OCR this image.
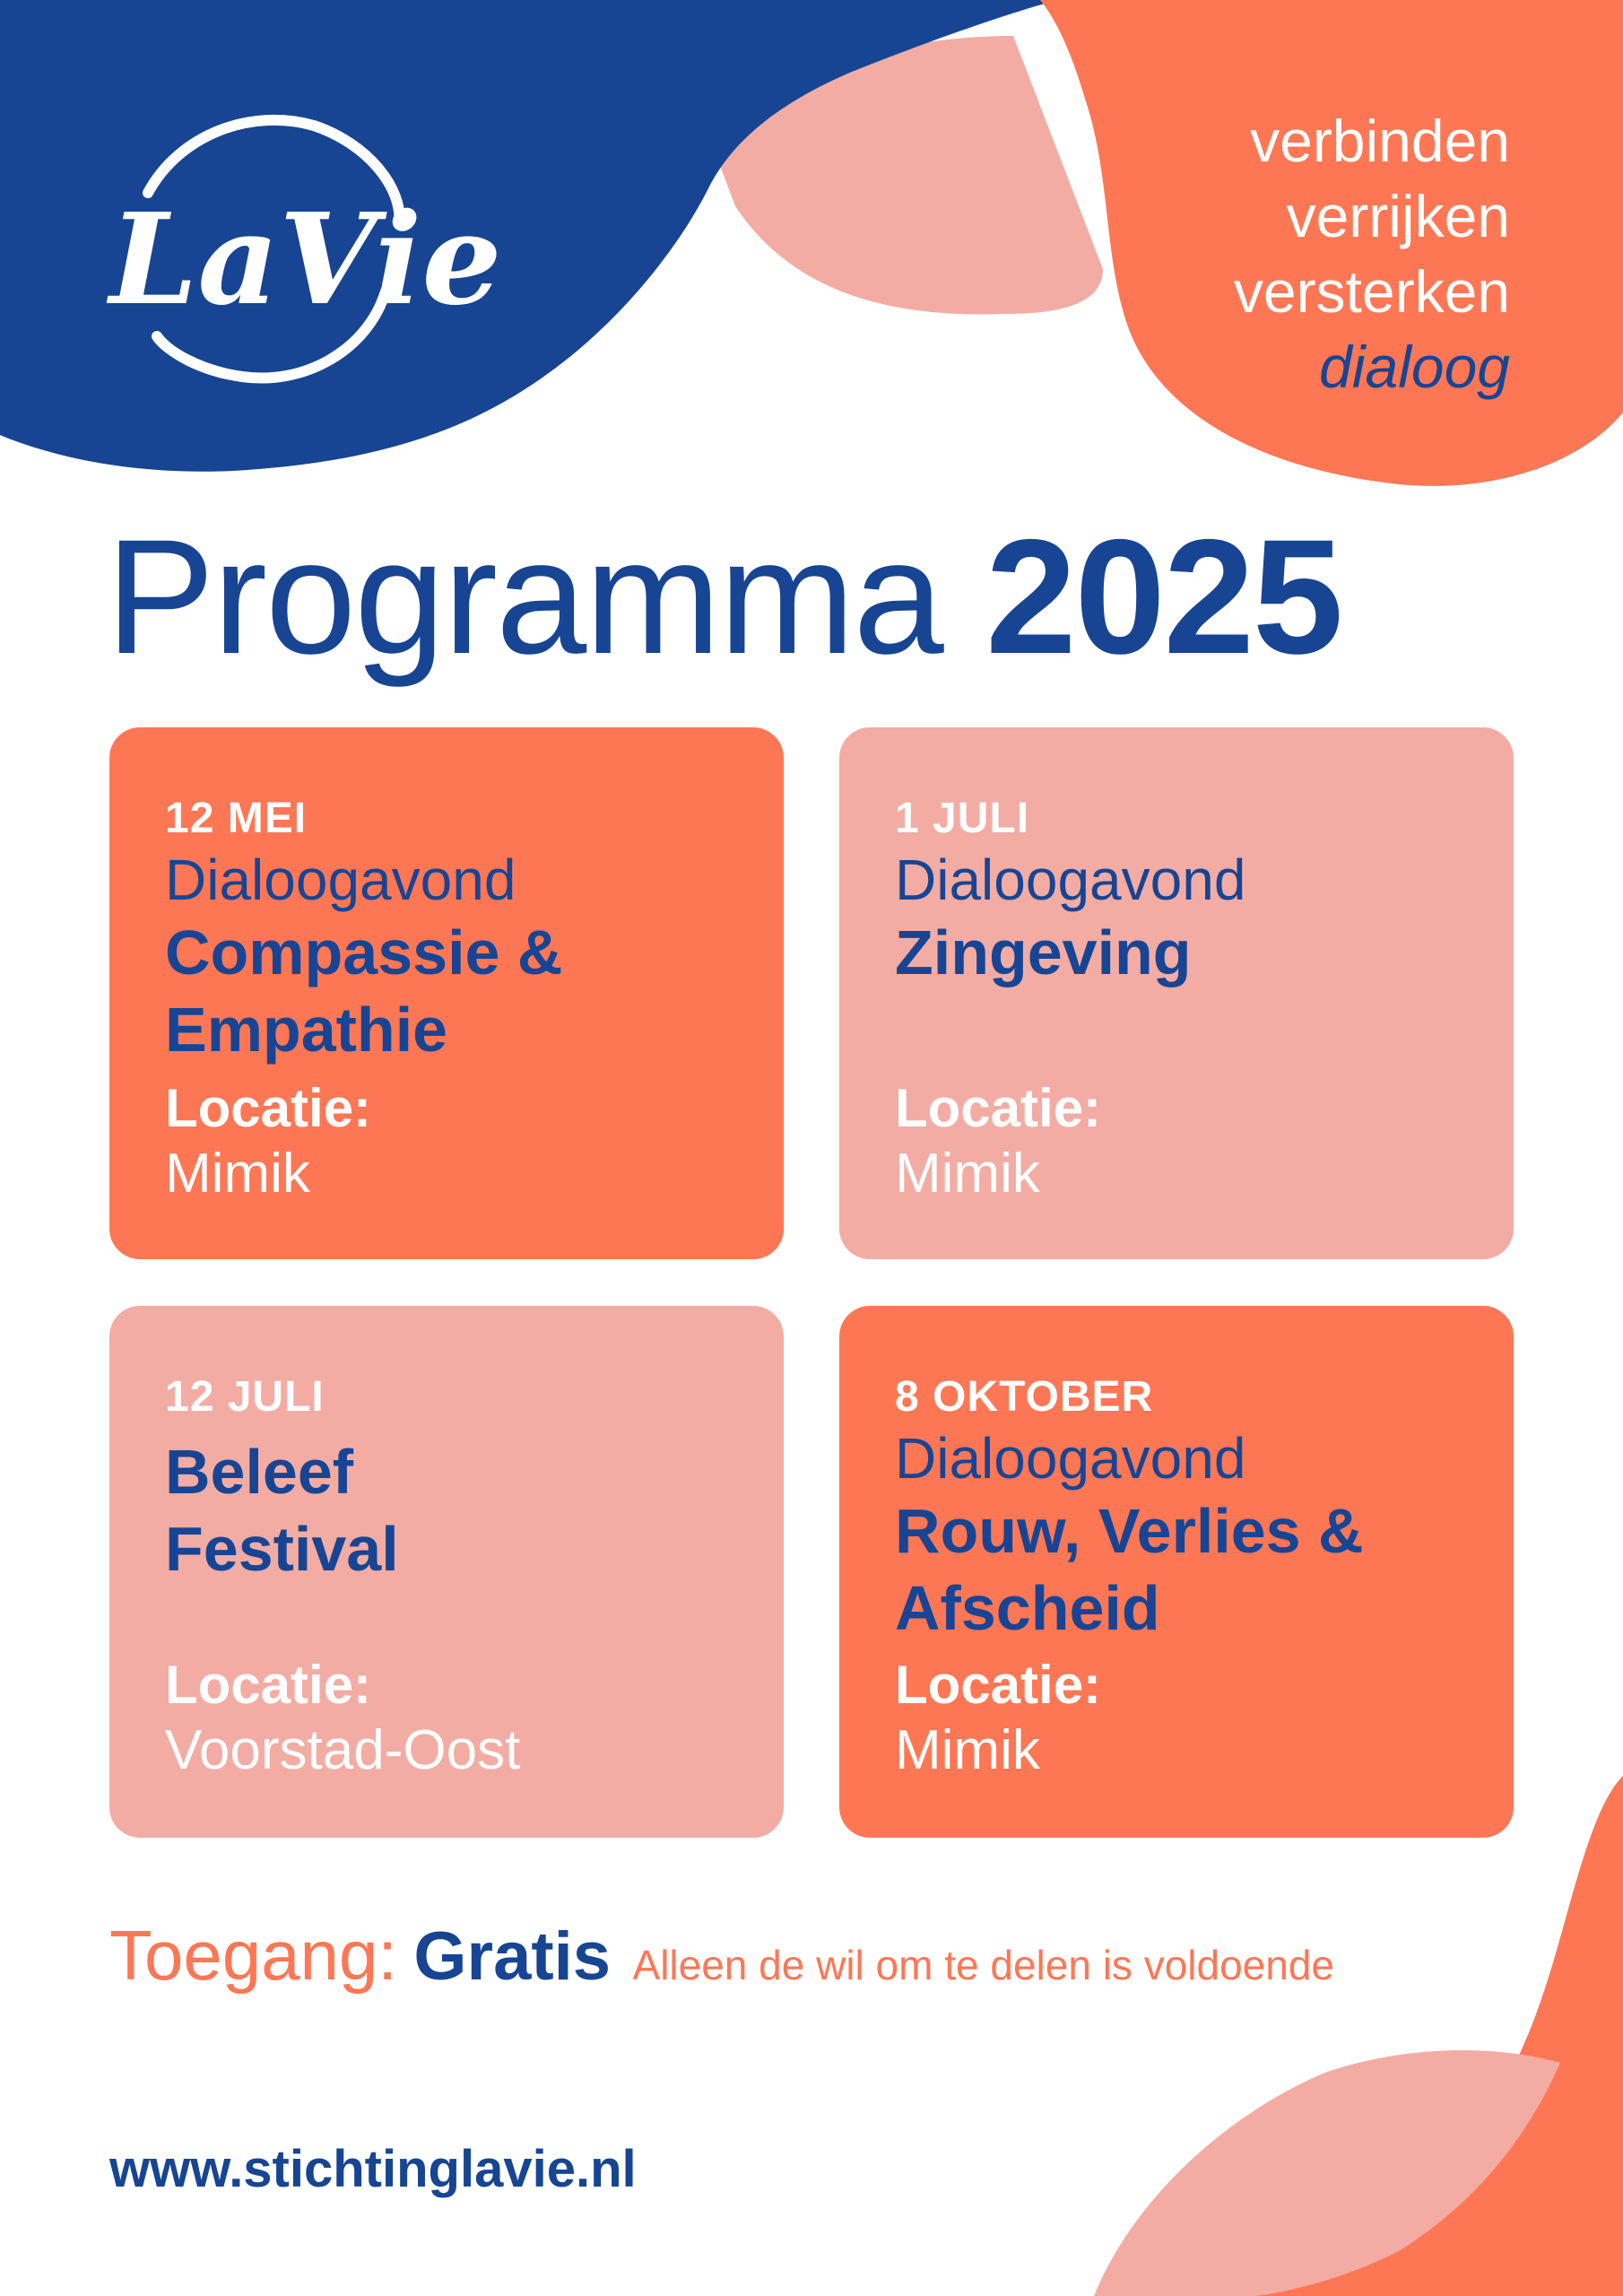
LaVie
verbinden
verrijken
versterken
dialoog
Programma 2025
12 MEI
Dialoogavond
Compassie &
Empathie
Locatie:
Mimik
1 JULI
Dialoogavond
Zingeving
Locatie:
Mimik
12 JULI
Beleef
Festival
Locatie:
Voorstad-Oost
8 OKTOBER
Dialoogavond
Rouw, Verlies &
Afscheid
Locatie:
Mimik
Toegang: Gratis Alleen de wil om te delen is voldoende
www.stichtinglavie.nl
